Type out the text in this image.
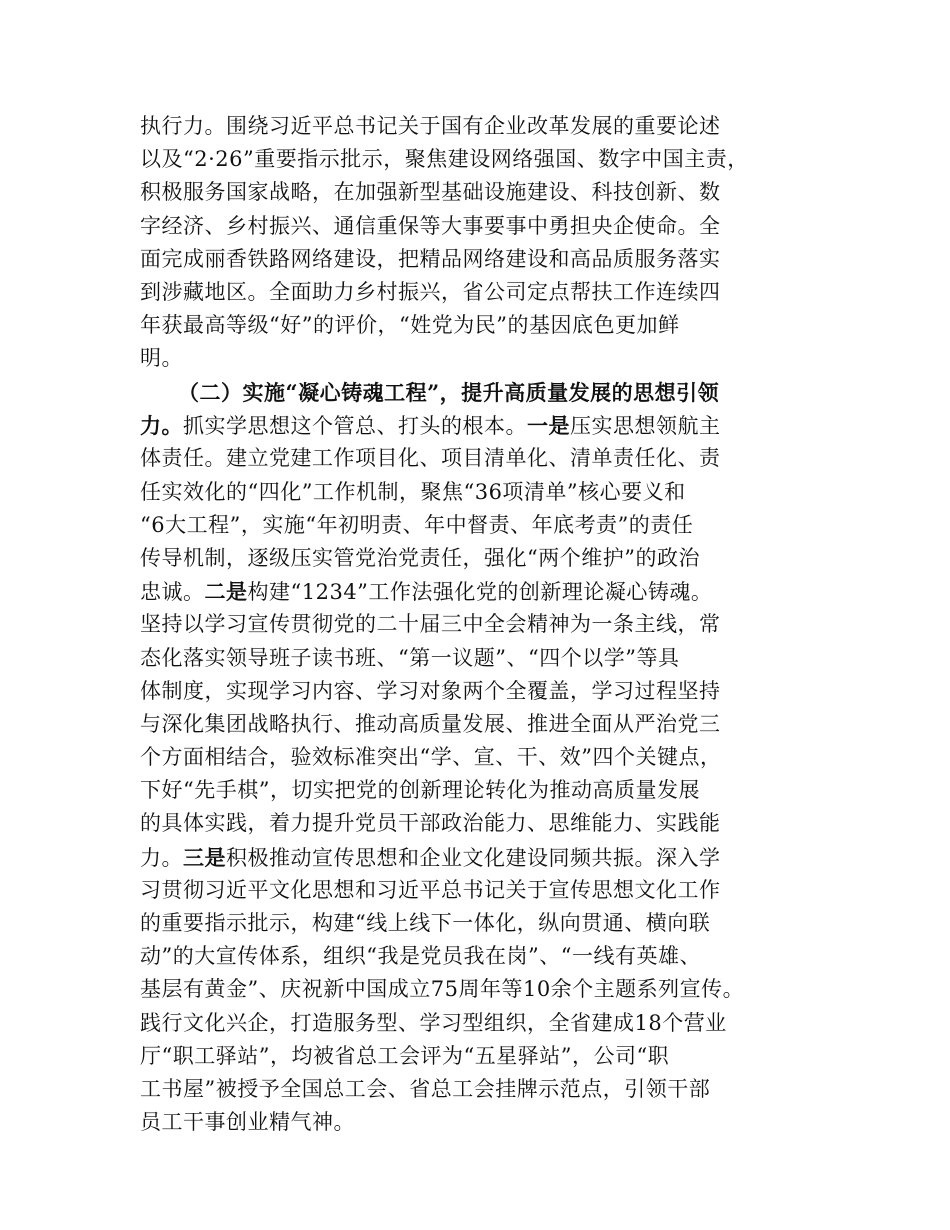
执行力。围绕习近平总书记关于国有企业改革发展的重要论述
以及“2·26”重要指示批示，聚焦建设网络强国、数字中国主责，
积极服务国家战略，在加强新型基础设施建设、科技创新、数
字经济、乡村振兴、通信重保等大事要事中勇担央企使命。全
面完成丽香铁路网络建设，把精品网络建设和高品质服务落实
到涉藏地区。全面助力乡村振兴，省公司定点帮扶工作连续四
年获最高等级“好”的评价，“姓党为民”的基因底色更加鲜
明。
（二）实施“凝心铸魂工程”，提升高质量发展的思想引领
力。抓实学思想这个管总、打头的根本。一是压实思想领航主
体责任。建立党建工作项目化、项目清单化、清单责任化、责
任实效化的“四化”工作机制，聚焦“36项清单”核心要义和
“6大工程”，实施“年初明责、年中督责、年底考责”的责任
传导机制，逐级压实管党治党责任，强化“两个维护”的政治
忠诚。二是构建“1234”工作法强化党的创新理论凝心铸魂。
坚持以学习宣传贯彻党的二十届三中全会精神为一条主线，常
态化落实领导班子读书班、“第一议题”、“四个以学”等具
体制度，实现学习内容、学习对象两个全覆盖，学习过程坚持
与深化集团战略执行、推动高质量发展、推进全面从严治党三
个方面相结合，验效标准突出“学、宣、干、效”四个关键点，
下好“先手棋”，切实把党的创新理论转化为推动高质量发展
的具体实践，着力提升党员干部政治能力、思维能力、实践能
力。三是积极推动宣传思想和企业文化建设同频共振。深入学
习贯彻习近平文化思想和习近平总书记关于宣传思想文化工作
的重要指示批示，构建“线上线下一体化，纵向贯通、横向联
动”的大宣传体系，组织“我是党员我在岗”、“一线有英雄、
基层有黄金”、庆祝新中国成立75周年等10余个主题系列宣传。
践行文化兴企，打造服务型、学习型组织，全省建成18个营业
厅“职工驿站”，均被省总工会评为“五星驿站”，公司“职
工书屋”被授予全国总工会、省总工会挂牌示范点，引领干部
员工干事创业精气神。
